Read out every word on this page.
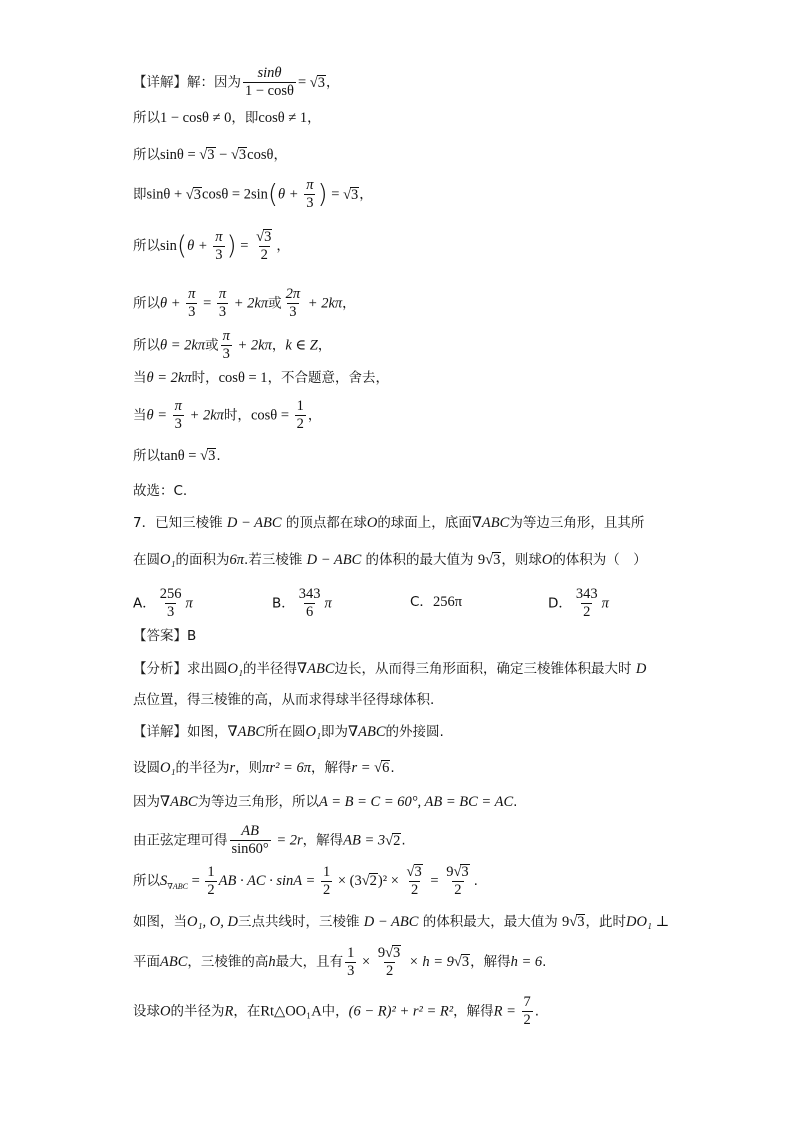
【详解】解：因为 $\frac{\sin\theta}{1 - \cos\theta} = √3$，
所以1 − cosθ ≠ 0，即cosθ ≠ 1，
所以sinθ = √3 − √3cosθ，
即$\sin\theta + √3\cos\theta = 2\sin(\theta + \frac{\pi}{3}$ ) = √3，
所以$\sin(\theta + \frac{\pi}{3}$ ) = $\frac{√3}{2}$ ，
所以$\theta + \frac{\pi}{3} = \frac{\pi}{3} + 2k\pi$或 $\frac{2\pi}{3} + 2k\pi$，
所以θ = 2kπ或 $\frac{\pi}{3} + 2k\pi$，k ∈ Z，
当θ = 2kπ时，cosθ = 1，不合题意，舍去，
当$\theta = \frac{\pi}{3} + 2k\pi$时，$\cos\theta = \frac{1}{2}$ ，
所以tanθ = √3.
故选：C.
7．已知三棱锥 D − ABC 的顶点都在球O的球面上，底面∇ABC为等边三角形，且其所
在圆O₁的面积为6π.若三棱锥 D − ABC 的体积的最大值为 9√3，则球O的体积为（　）
A． $\frac{256}{3}$ π	B． $\frac{343}{6}$ π	C．256π	D． $\frac{343}{2}$ π
【答案】B
【分析】求出圆O₁的半径得∇ABC边长，从而得三角形面积，确定三棱锥体积最大时 D
点位置，得三棱锥的高，从而求得球半径得球体积.
【详解】如图，∇ABC所在圆O₁即为∇ABC的外接圆.
设圆O₁的半径为r，则πr² = 6π，解得r = √6.
因为∇ABC为等边三角形，所以A = B = C = 60°, AB = BC = AC.
由正弦定理可得 $\frac{AB}{\sin 60^\circ} = 2r$，解得AB = 3√2.
所以$S_{\nabla ABC} = \frac{1}{2}$ AB · AC · $\sin A = \frac{1}{2} \times (3√2)^2 \times \frac{√3}{2} = \frac{9√3}{2}$ .
如图，当O₁, O, D三点共线时，三棱锥 D − ABC 的体积最大，最大值为 9√3，此时DO₁ ⊥
平面ABC，三棱锥的高h最大，且有 $\frac{1}{3} \times \frac{9√3}{2} \times h = 9√3$，解得h = 6.
设球O的半径为R，在Rt△OO₁A中，(6 − R)² + r² = R²，解得$R = \frac{7}{2}$ .
